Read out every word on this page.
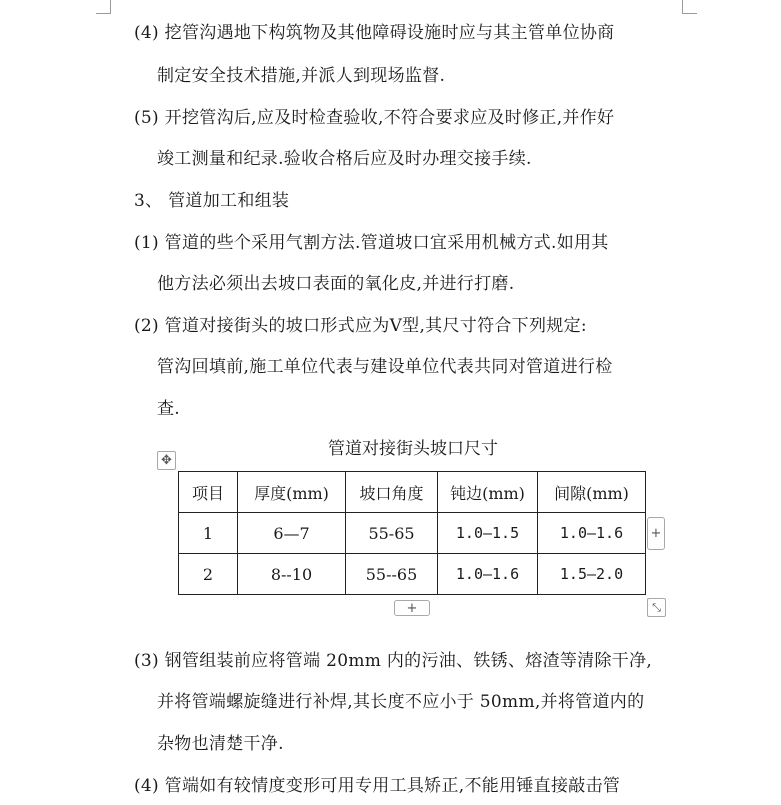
(4) 挖管沟遇地下构筑物及其他障碍设施时应与其主管单位协商
制定安全技术措施,并派人到现场监督.
(5) 开挖管沟后,应及时检查验收,不符合要求应及时修正,并作好
竣工测量和纪录.验收合格后应及时办理交接手续.
3、 管道加工和组装
(1) 管道的些个采用气割方法.管道坡口宜采用机械方式.如用其
他方法必须出去坡口表面的氧化皮,并进行打磨.
(2) 管道对接街头的坡口形式应为Ⅴ型,其尺寸符合下列规定:
管沟回填前,施工单位代表与建设单位代表共同对管道进行检
查.
管道对接街头坡口尺寸
✥
项目	厚度(mm)	坡口角度	钝边(mm)	间隙(mm)
1	6—7	55-65	1.0—1.5	1.0—1.6
2	8--10	55--65	1.0—1.6	1.5—2.0
+
+	⤡
(3) 钢管组装前应将管端 20mm 内的污油、铁锈、熔渣等清除干净,
并将管端螺旋缝进行补焊,其长度不应小于 50mm,并将管道内的
杂物也清楚干净.
(4) 管端如有较情度变形可用专用工具矫正,不能用锤直接敲击管
